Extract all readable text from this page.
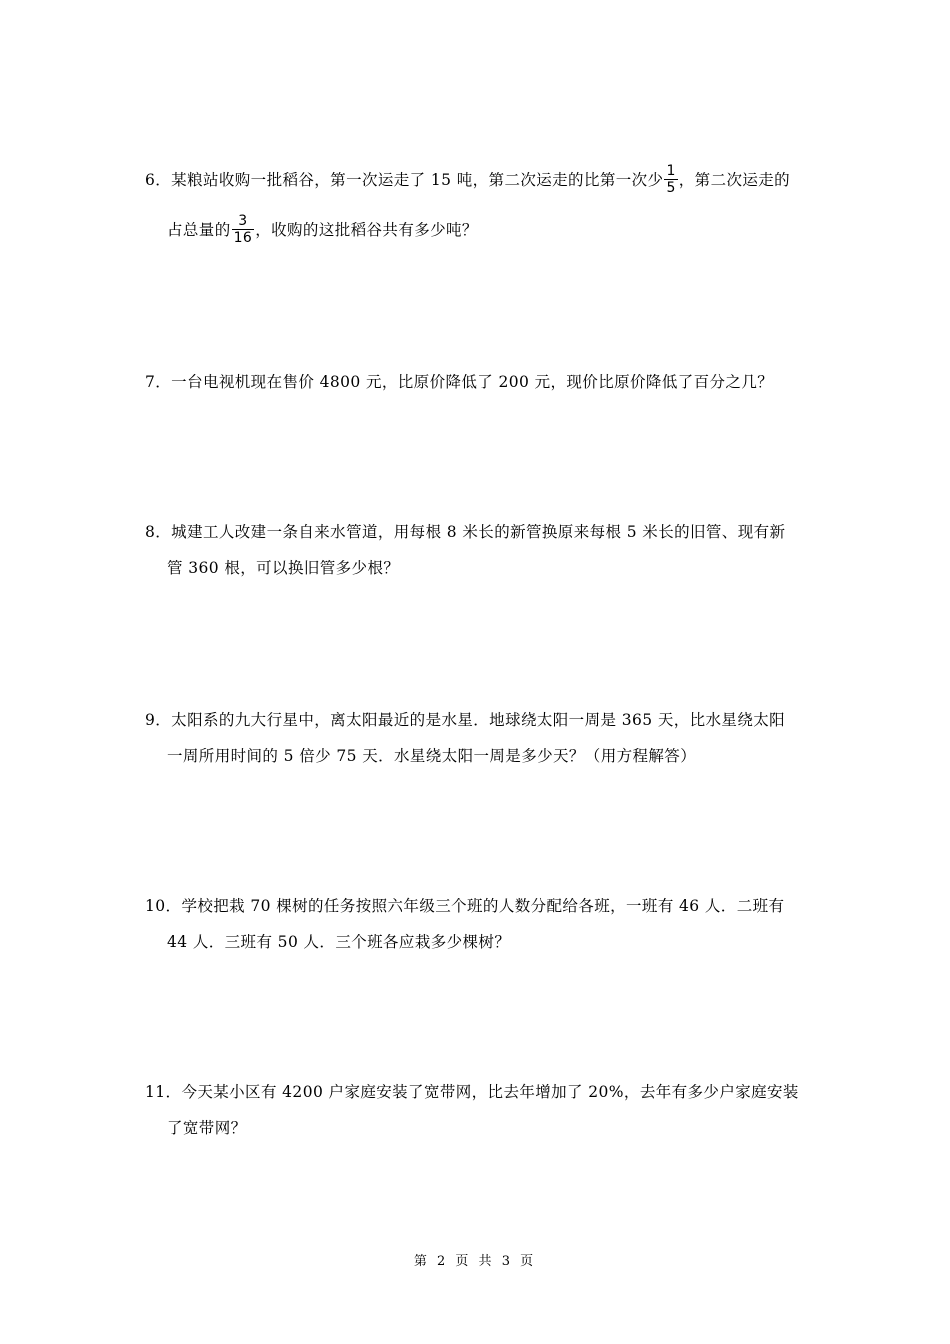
6．某粮站收购一批稻谷，第一次运走了 15 吨，第二次运走的比第一次少 $\frac{1}{5}$ ，第二次运走的
占总量的 $\frac{3}{16}$ ，收购的这批稻谷共有多少吨？
7．一台电视机现在售价 4800 元，比原价降低了 200 元，现价比原价降低了百分之几？
8．城建工人改建一条自来水管道，用每根 8 米长的新管换原来每根 5 米长的旧管、现有新
管 360 根，可以换旧管多少根？
9．太阳系的九大行星中，离太阳最近的是水星．地球绕太阳一周是 365 天，比水星绕太阳
一周所用时间的 5 倍少 75 天．水星绕太阳一周是多少天？（用方程解答）
10．学校把栽 70 棵树的任务按照六年级三个班的人数分配给各班，一班有 46 人．二班有
44 人．三班有 50 人．三个班各应栽多少棵树？
11．今天某小区有 4200 户家庭安装了宽带网，比去年增加了 20%，去年有多少户家庭安装
了宽带网？
第 2 页 共 3 页
